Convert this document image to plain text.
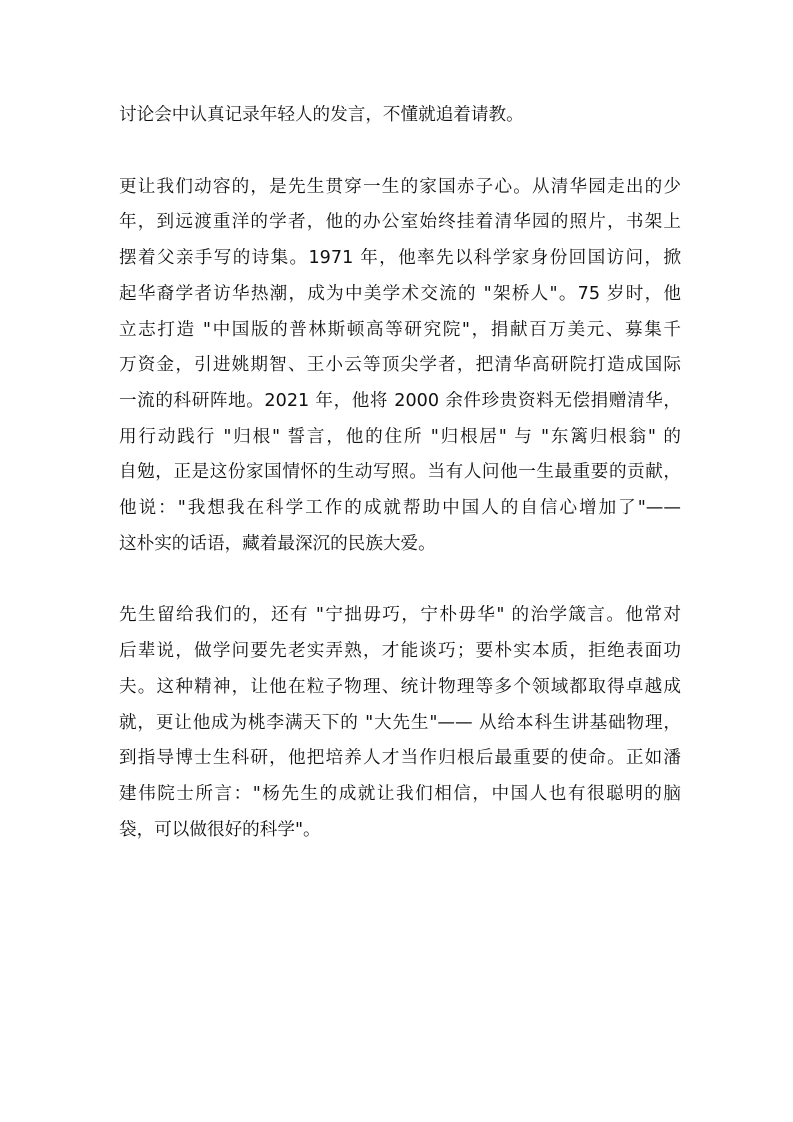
讨论会中认真记录年轻人的发言，不懂就追着请教。

更让我们动容的，是先生贯穿一生的家国赤子心。从清华园走出的少
年，到远渡重洋的学者，他的办公室始终挂着清华园的照片，书架上
摆着父亲手写的诗集。1971 年，他率先以科学家身份回国访问，掀
起华裔学者访华热潮，成为中美学术交流的 "架桥人"。75 岁时，他
立志打造 "中国版的普林斯顿高等研究院"，捐献百万美元、募集千
万资金，引进姚期智、王小云等顶尖学者，把清华高研院打造成国际
一流的科研阵地。2021 年，他将 2000 余件珍贵资料无偿捐赠清华，
用行动践行 "归根" 誓言，他的住所 "归根居" 与 "东篱归根翁" 的
自勉，正是这份家国情怀的生动写照。当有人问他一生最重要的贡献，
他说："我想我在科学工作的成就帮助中国人的自信心增加了"——
这朴实的话语，藏着最深沉的民族大爱。

先生留给我们的，还有 "宁拙毋巧，宁朴毋华" 的治学箴言。他常对
后辈说，做学问要先老实弄熟，才能谈巧；要朴实本质，拒绝表面功
夫。这种精神，让他在粒子物理、统计物理等多个领域都取得卓越成
就，更让他成为桃李满天下的 "大先生"—— 从给本科生讲基础物理，
到指导博士生科研，他把培养人才当作归根后最重要的使命。正如潘
建伟院士所言："杨先生的成就让我们相信，中国人也有很聪明的脑
袋，可以做很好的科学"。
